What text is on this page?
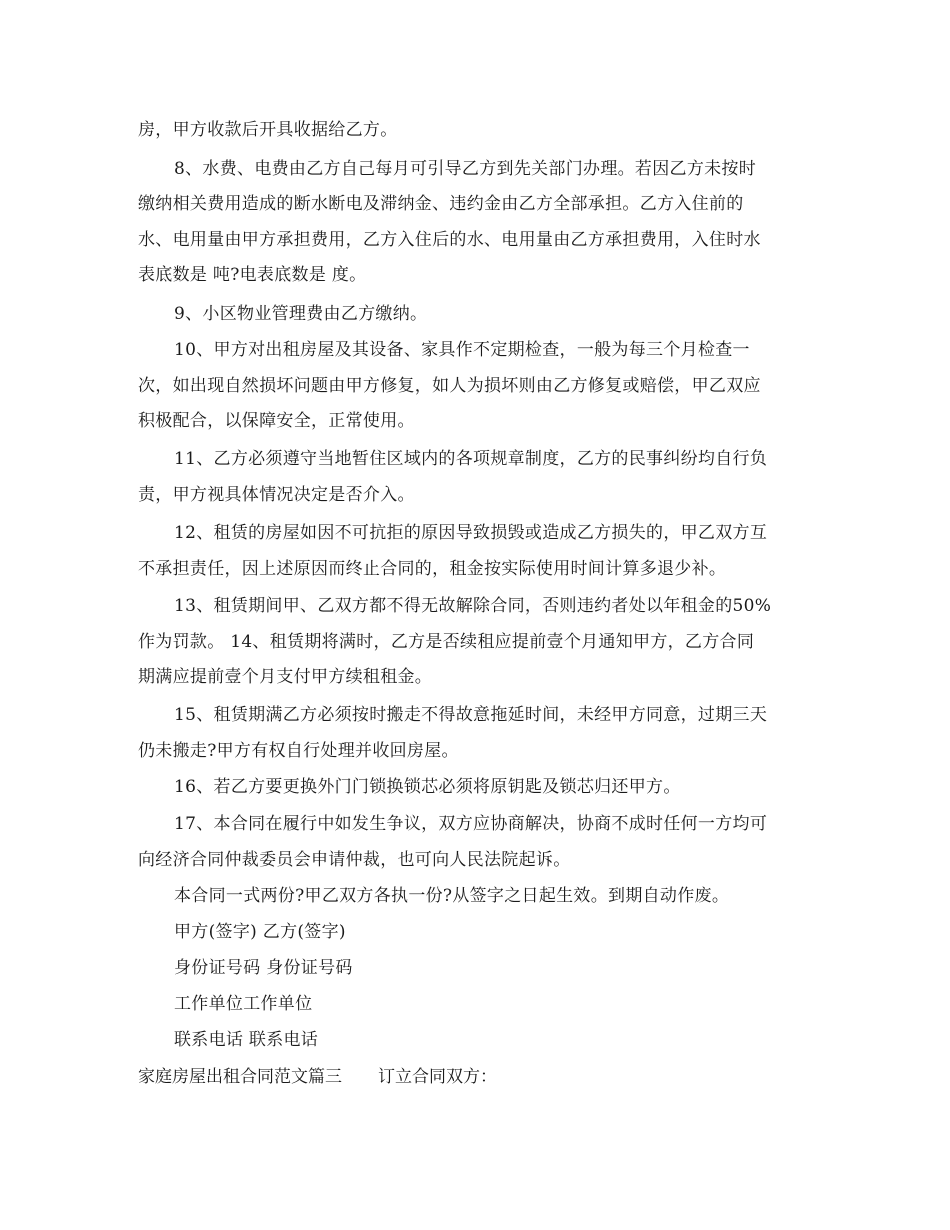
房，甲方收款后开具收据给乙方。
8、水费、电费由乙方自己每月可引导乙方到先关部门办理。若因乙方未按时
缴纳相关费用造成的断水断电及滞纳金、违约金由乙方全部承担。乙方入住前的
水、电用量由甲方承担费用，乙方入住后的水、电用量由乙方承担费用，入住时水
表底数是 吨?电表底数是 度。
9、小区物业管理费由乙方缴纳。
10、甲方对出租房屋及其设备、家具作不定期检查，一般为每三个月检查一
次，如出现自然损坏问题由甲方修复，如人为损坏则由乙方修复或赔偿，甲乙双应
积极配合，以保障安全，正常使用。
11、乙方必须遵守当地暂住区域内的各项规章制度，乙方的民事纠纷均自行负
责，甲方视具体情况决定是否介入。
12、租赁的房屋如因不可抗拒的原因导致损毁或造成乙方损失的，甲乙双方互
不承担责任，因上述原因而终止合同的，租金按实际使用时间计算多退少补。
13、租赁期间甲、乙双方都不得无故解除合同，否则违约者处以年租金的50%
作为罚款。 14、租赁期将满时，乙方是否续租应提前壹个月通知甲方，乙方合同
期满应提前壹个月支付甲方续租租金。
15、租赁期满乙方必须按时搬走不得故意拖延时间，未经甲方同意，过期三天
仍未搬走?甲方有权自行处理并收回房屋。
16、若乙方要更换外门门锁换锁芯必须将原钥匙及锁芯归还甲方。
17、本合同在履行中如发生争议，双方应协商解决，协商不成时任何一方均可
向经济合同仲裁委员会申请仲裁，也可向人民法院起诉。
本合同一式两份?甲乙双方各执一份?从签字之日起生效。到期自动作废。
甲方(签字) 乙方(签字)
身份证号码 身份证号码
工作单位工作单位
联系电话 联系电话
家庭房屋出租合同范文篇三 订立合同双方：
